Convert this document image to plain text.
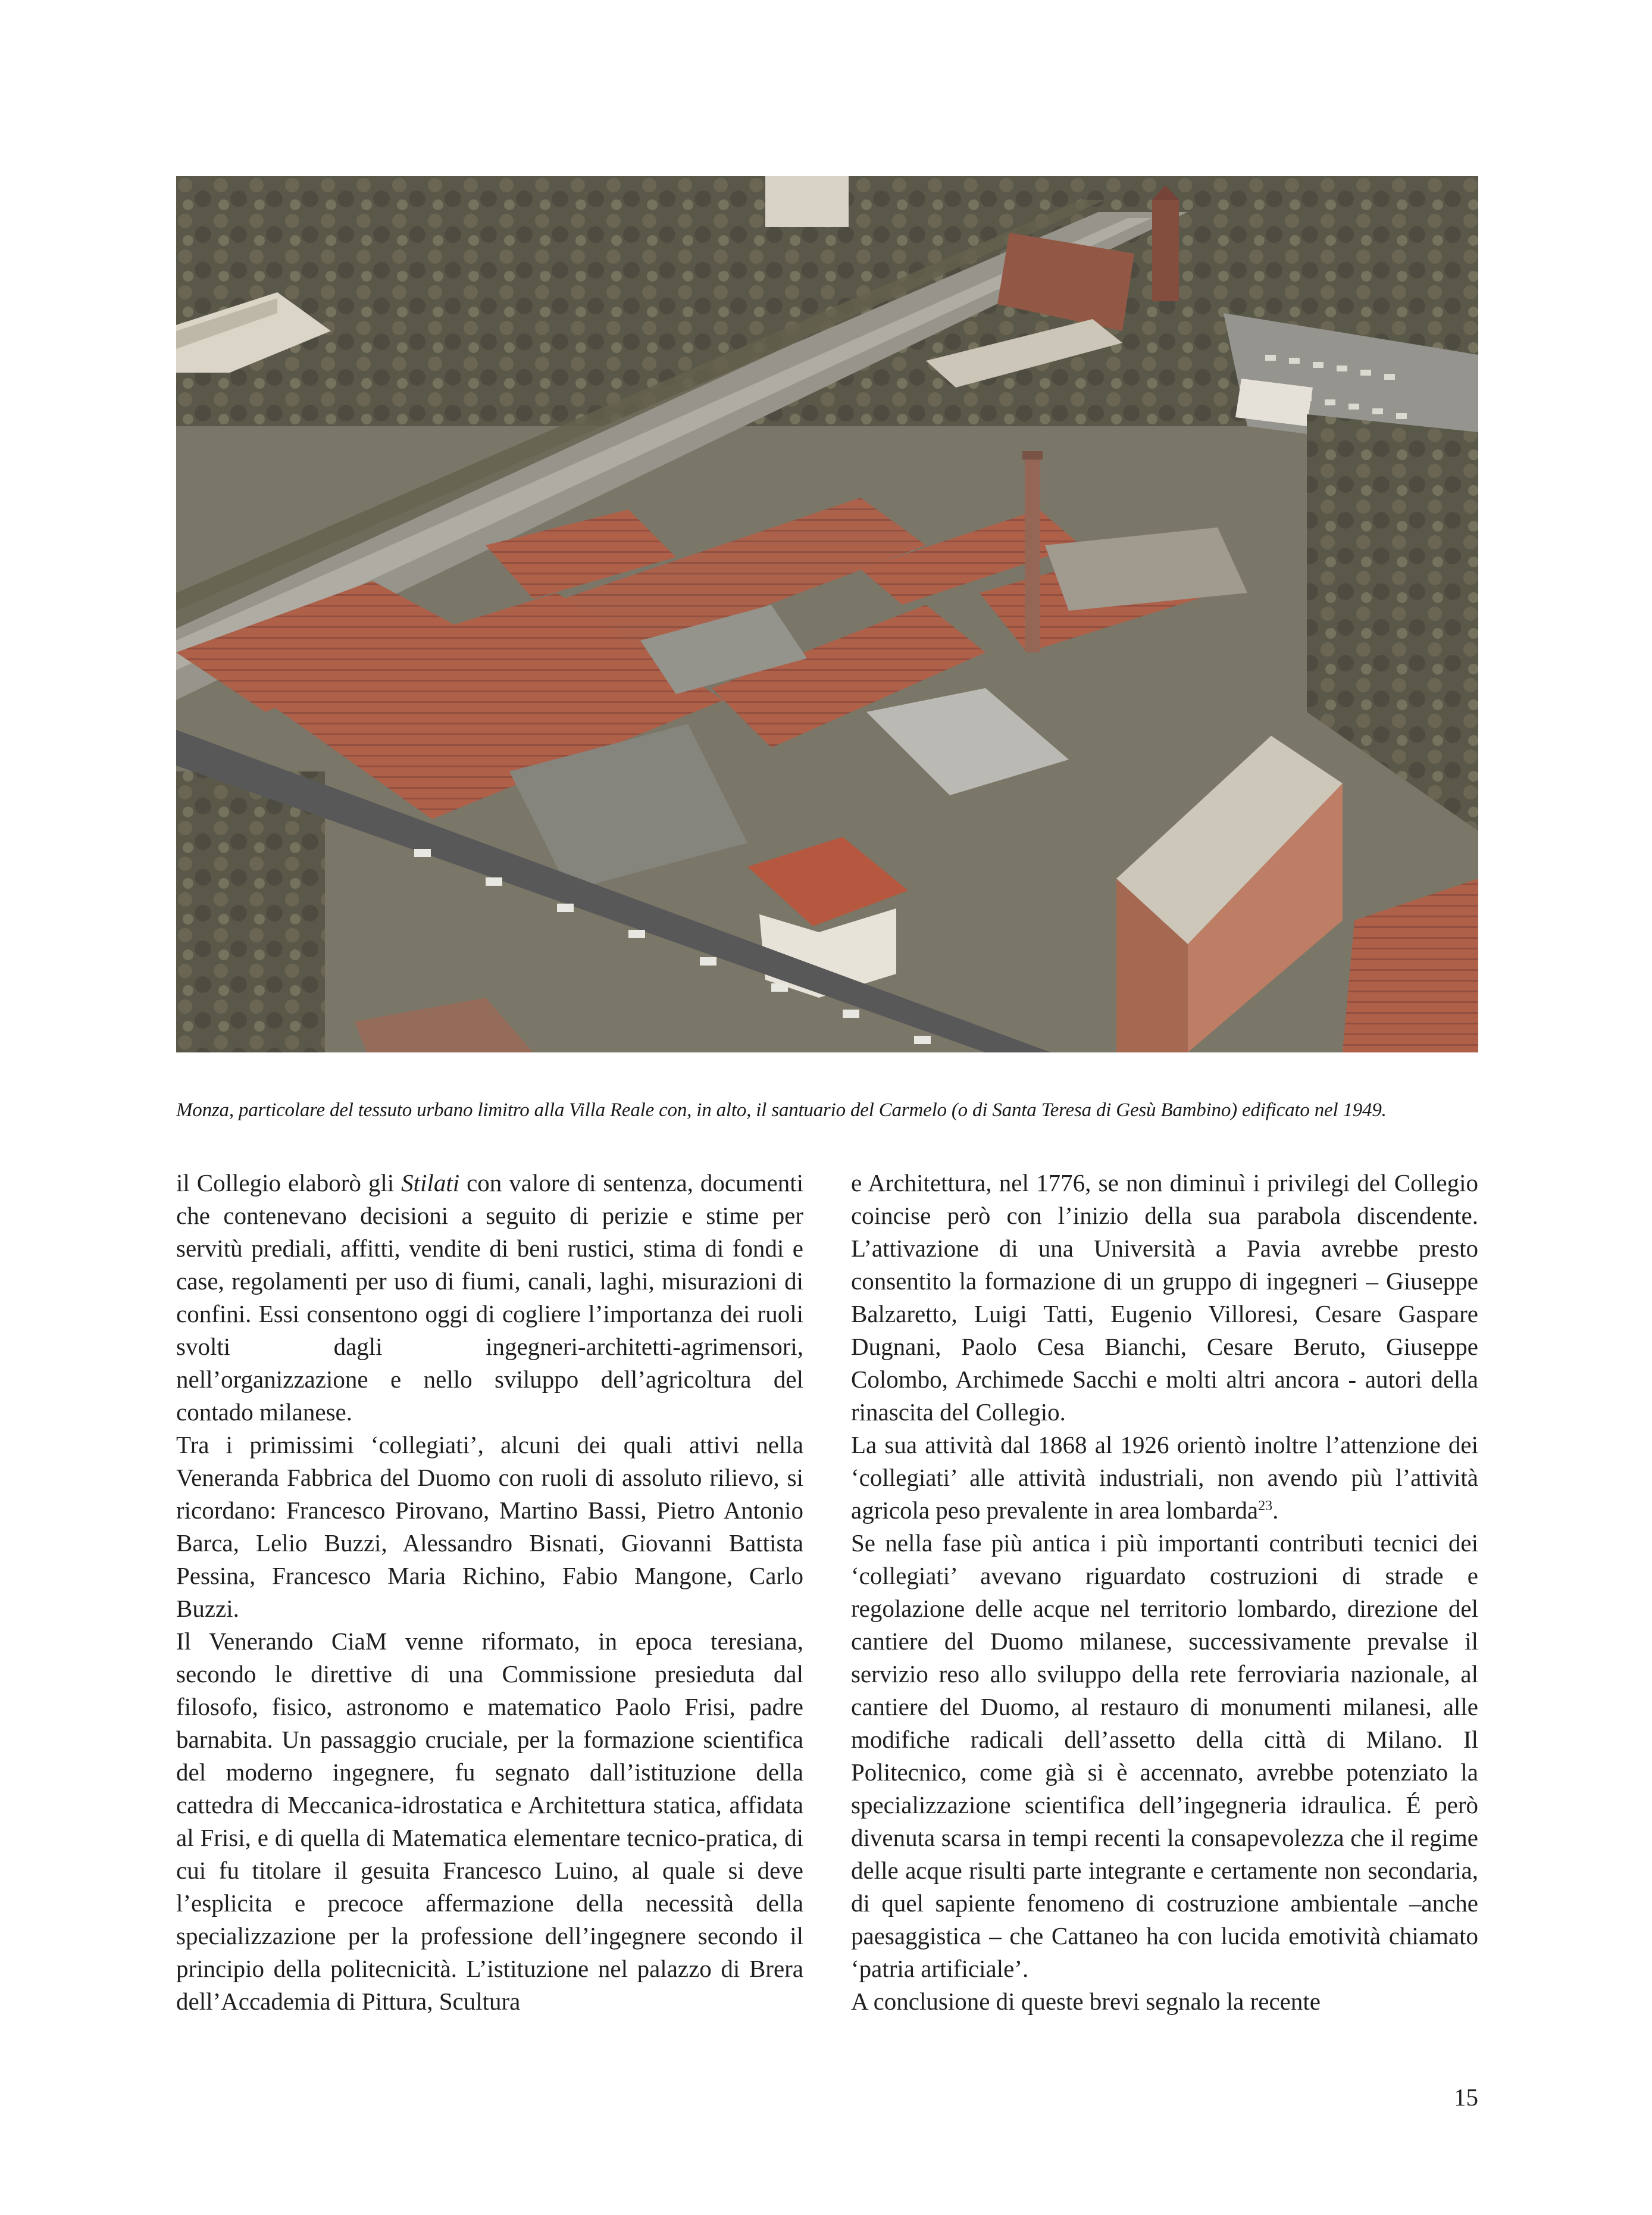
Monza, particolare del tessuto urbano limitro alla Villa Reale con, in alto, il santuario del Carmelo (o di Santa Teresa di Gesù Bambino) edificato nel 1949.

il Collegio elaborò gli Stilati con valore di sentenza, documenti che contenevano decisioni a seguito di perizie e stime per servitù prediali, affitti, vendite di beni rustici, stima di fondi e case, regolamenti per uso di fiumi, canali, laghi, misurazioni di confini. Essi consentono oggi di cogliere l’importanza dei ruoli svolti dagli ingegneri-architetti-agrimensori, nell’organizzazione e nello sviluppo dell’agricoltura del contado milanese.

Tra i primissimi ‘collegiati’, alcuni dei quali attivi nella Veneranda Fabbrica del Duomo con ruoli di assoluto rilievo, si ricordano: Francesco Pirovano, Martino Bassi, Pietro Antonio Barca, Lelio Buzzi, Alessandro Bisnati, Giovanni Battista Pessina, Francesco Maria Richino, Fabio Mangone, Carlo Buzzi.

Il Venerando CiaM venne riformato, in epoca teresiana, secondo le direttive di una Commissione presieduta dal filosofo, fisico, astronomo e matematico Paolo Frisi, padre barnabita. Un passaggio cruciale, per la formazione scientifica del moderno ingegnere, fu segnato dall’istituzione della cattedra di Meccanica-idrostatica e Architettura statica, affidata al Frisi, e di quella di Matematica elementare tecnico-pratica, di cui fu titolare il gesuita Francesco Luino, al quale si deve l’esplicita e precoce affermazione della necessità della specializzazione per la professione dell’ingegnere secondo il principio della politecnicità. L’istituzione nel palazzo di Brera dell’Accademia di Pittura, Scultura

e Architettura, nel 1776, se non diminuì i privilegi del Collegio coincise però con l’inizio della sua parabola discendente. L’attivazione di una Università a Pavia avrebbe presto consentito la formazione di un gruppo di ingegneri – Giuseppe Balzaretto, Luigi Tatti, Eugenio Villoresi, Cesare Gaspare Dugnani, Paolo Cesa Bianchi, Cesare Beruto, Giuseppe Colombo, Archimede Sacchi e molti altri ancora - autori della rinascita del Collegio.

La sua attività dal 1868 al 1926 orientò inoltre l’attenzione dei ‘collegiati’ alle attività industriali, non avendo più l’attività agricola peso prevalente in area lombarda$^{23}$.

Se nella fase più antica i più importanti contributi tecnici dei ‘collegiati’ avevano riguardato costruzioni di strade e regolazione delle acque nel territorio lombardo, direzione del cantiere del Duomo milanese, successivamente prevalse il servizio reso allo sviluppo della rete ferroviaria nazionale, al cantiere del Duomo, al restauro di monumenti milanesi, alle modifiche radicali dell’assetto della città di Milano. Il Politecnico, come già si è accennato, avrebbe potenziato la specializzazione scientifica dell’ingegneria idraulica. É però divenuta scarsa in tempi recenti la consapevolezza che il regime delle acque risulti parte integrante e certamente non secondaria, di quel sapiente fenomeno di costruzione ambientale –anche paesaggistica – che Cattaneo ha con lucida emotività chiamato ‘patria artificiale’.

A conclusione di queste brevi segnalo la recente

15
